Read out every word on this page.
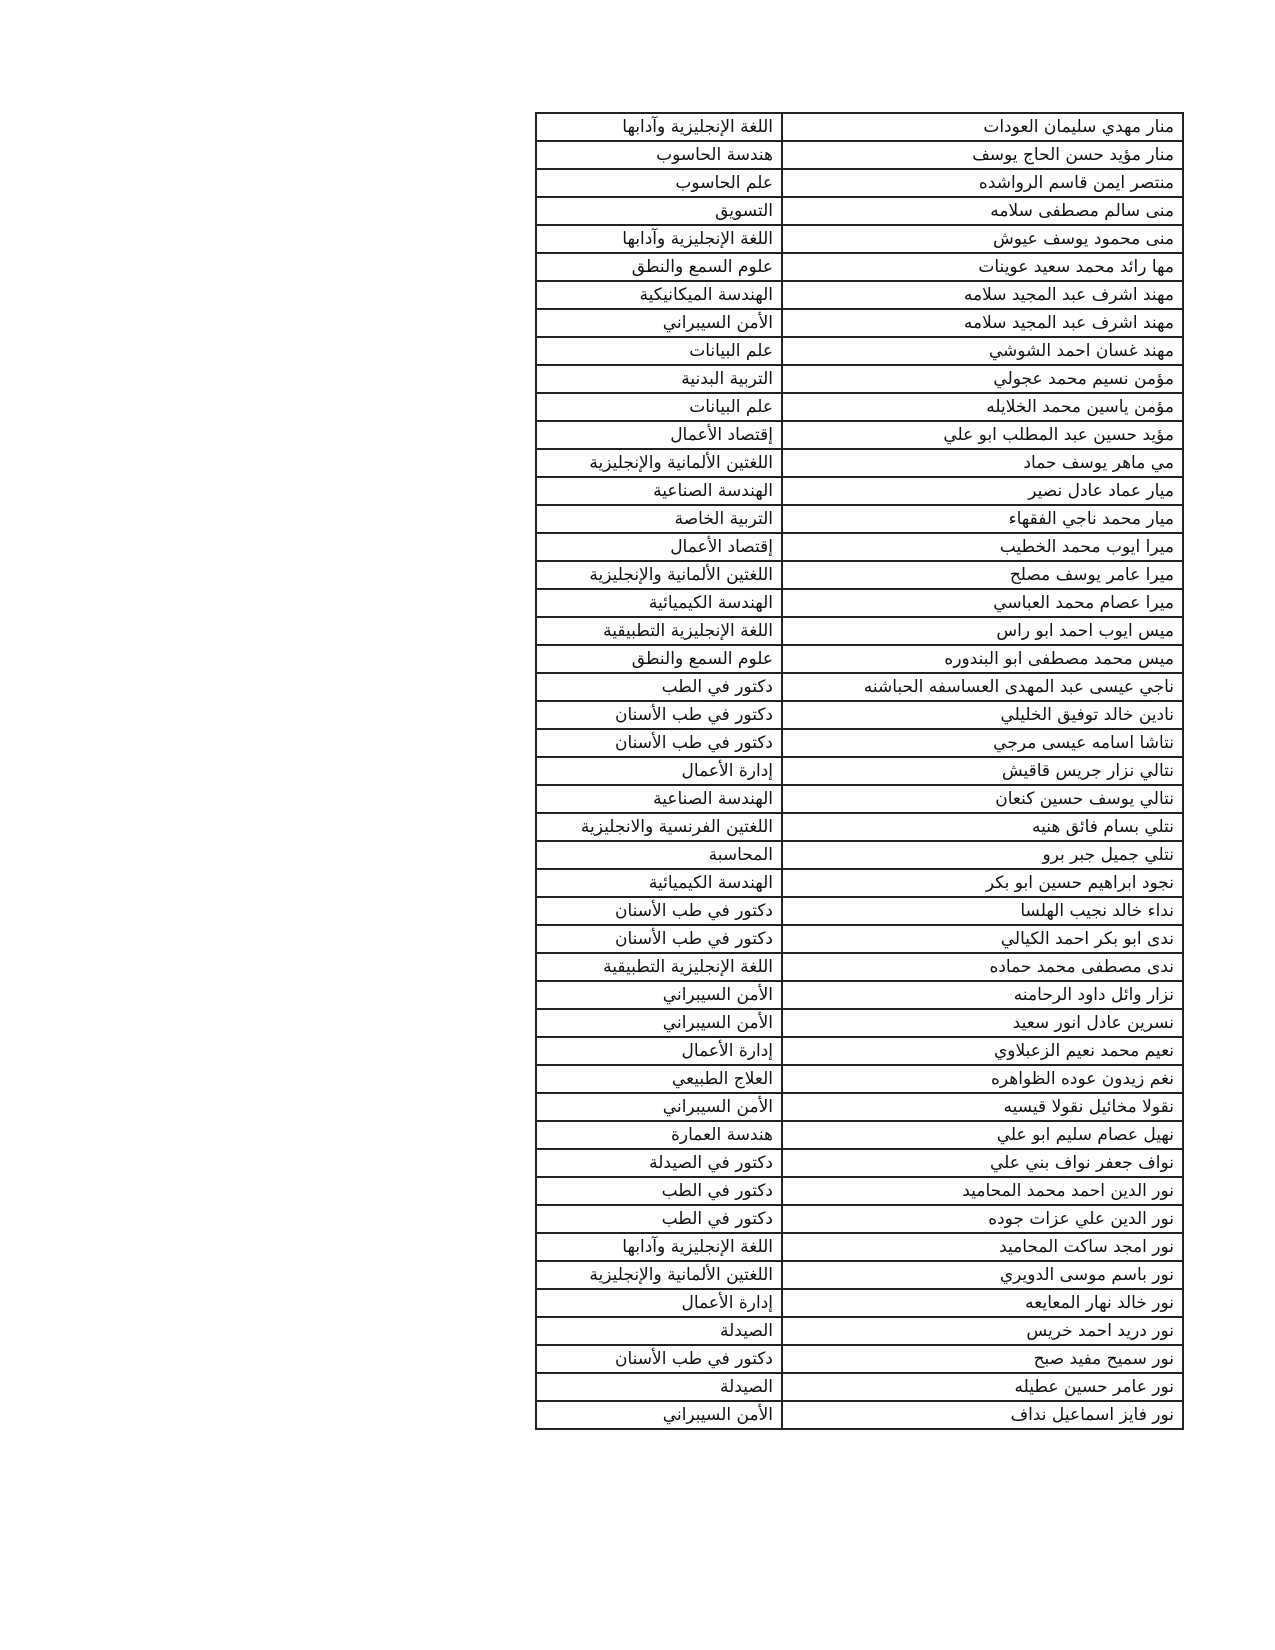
منار مهدي سليمان العودات	اللغة الإنجليزية وآدابها
منار مؤيد حسن الحاج يوسف	هندسة الحاسوب
منتصر ايمن قاسم الرواشده	علم الحاسوب
منى سالم مصطفى سلامه	التسويق
منى محمود يوسف عيوش	اللغة الإنجليزية وآدابها
مها رائد محمد سعيد عوينات	علوم السمع والنطق
مهند اشرف عبد المجيد سلامه	الهندسة الميكانيكية
مهند اشرف عبد المجيد سلامه	الأمن السيبراني
مهند غسان احمد الشوشي	علم البيانات
مؤمن نسيم محمد عجولي	التربية البدنية
مؤمن ياسين محمد الخلايله	علم البيانات
مؤيد حسين عبد المطلب ابو علي	إقتصاد الأعمال
مي ماهر يوسف حماد	اللغتين الألمانية والإنجليزية
ميار عماد عادل نصير	الهندسة الصناعية
ميار محمد ناجي الفقهاء	التربية الخاصة
ميرا ايوب محمد الخطيب	إقتصاد الأعمال
ميرا عامر يوسف مصلح	اللغتين الألمانية والإنجليزية
ميرا عصام محمد العباسي	الهندسة الكيميائية
ميس ايوب احمد ابو راس	اللغة الإنجليزية التطبيقية
ميس محمد مصطفى ابو البندوره	علوم السمع والنطق
ناجي عيسى عبد المهدى العساسفه الحباشنه	دكتور في الطب
نادين خالد توفيق الخليلي	دكتور في طب الأسنان
نتاشا اسامه عيسى مرجي	دكتور في طب الأسنان
نتالي نزار جريس قاقيش	إدارة الأعمال
نتالي يوسف حسين كنعان	الهندسة الصناعية
نتلي بسام فائق هنيه	اللغتين الفرنسية والانجليزية
نتلي جميل جبر برو	المحاسبة
نجود ابراهيم حسين ابو بكر	الهندسة الكيميائية
نداء خالد نجيب الهلسا	دكتور في طب الأسنان
ندى ابو بكر احمد الكيالي	دكتور في طب الأسنان
ندى مصطفى محمد حماده	اللغة الإنجليزية التطبيقية
نزار وائل داود الرحامنه	الأمن السيبراني
نسرين عادل انور سعيد	الأمن السيبراني
نعيم محمد نعيم الزعبلاوي	إدارة الأعمال
نغم زيدون عوده الظواهره	العلاج الطبيعي
نقولا مخائيل نقولا قيسيه	الأمن السيبراني
نهيل عصام سليم ابو علي	هندسة العمارة
نواف جعفر نواف بني علي	دكتور في الصيدلة
نور الدين احمد محمد المحاميد	دكتور في الطب
نور الدين علي عزات جوده	دكتور في الطب
نور امجد ساكت المحاميد	اللغة الإنجليزية وآدابها
نور باسم موسى الدويري	اللغتين الألمانية والإنجليزية
نور خالد نهار المعايعه	إدارة الأعمال
نور دريد احمد خريس	الصيدلة
نور سميح مفيد صبح	دكتور في طب الأسنان
نور عامر حسين عطيله	الصيدلة
نور فايز اسماعيل نداف	الأمن السيبراني
